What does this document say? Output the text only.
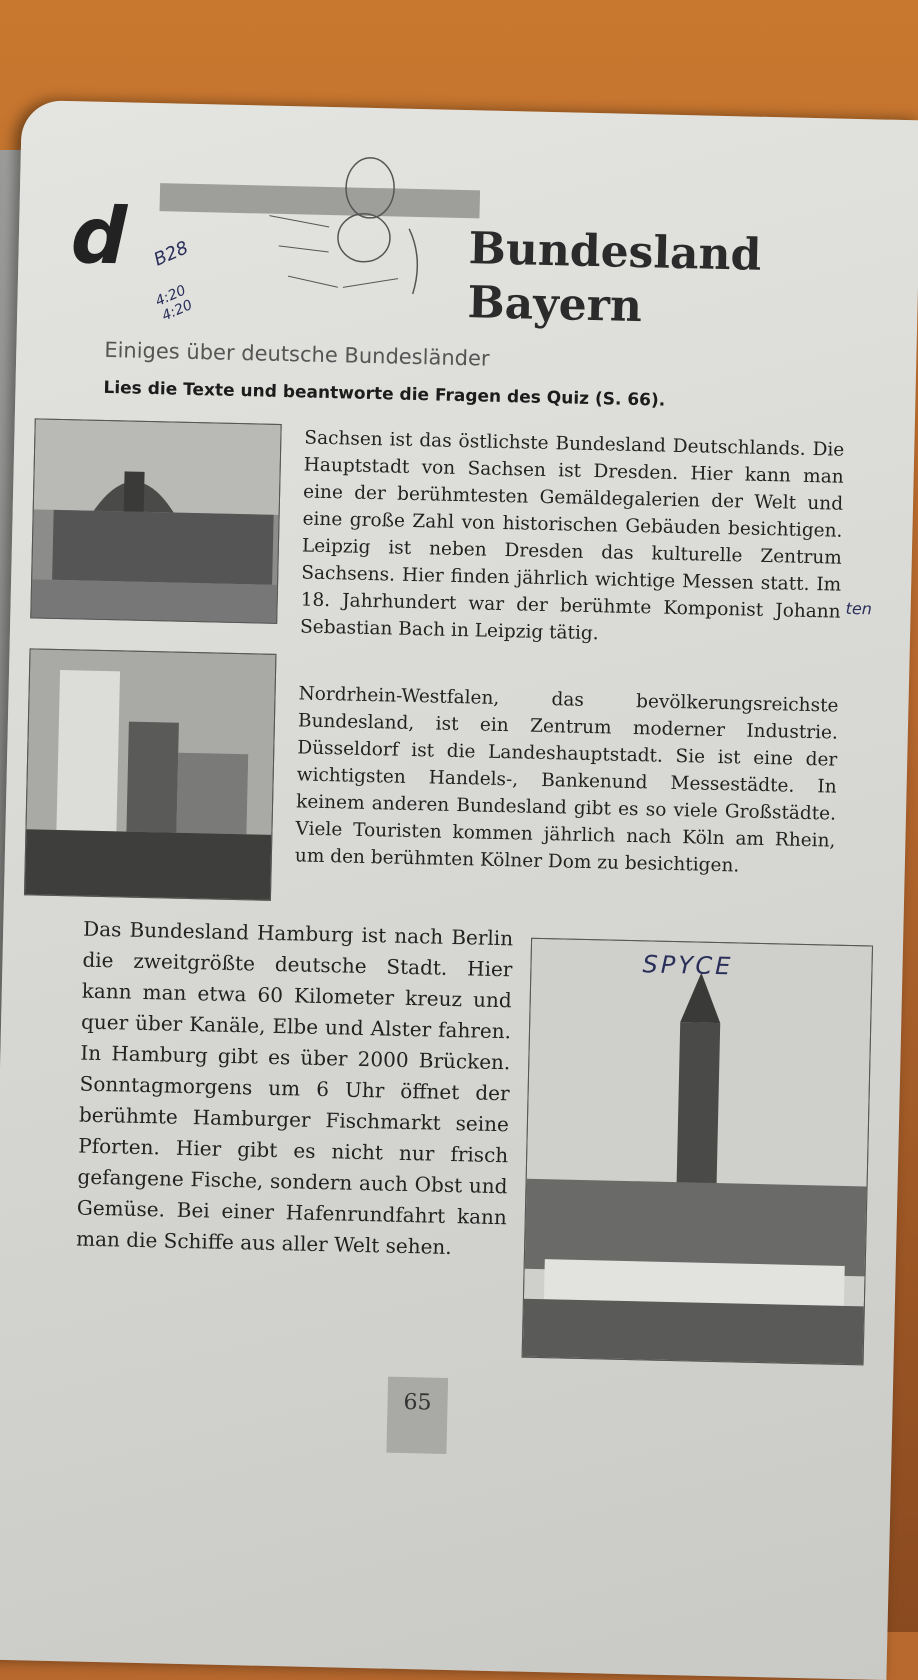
d	B28
4:20 4:20
Bundesland
Bayern
Einiges über deutsche Bundesländer
Lies die Texte und beantworte die Fragen des Quiz (S. 66).

Sachsen ist das östlichste Bundesland Deutschlands. Die Hauptstadt von Sachsen ist Dresden. Hier kann man eine der berühmtesten Gemäldegalerien der Welt und eine große Zahl von historischen Gebäuden besichtigen. Leipzig ist neben Dresden das kulturelle Zentrum Sachsens. Hier finden jährlich wichtige Messen statt. Im 18. Jahrhundert war der berühmte Komponist Johann Sebastian Bach in Leipzig tätig.

ten

Nordrhein-Westfalen, das bevölkerungsreichste Bundesland, ist ein Zentrum moderner Industrie. Düsseldorf ist die Landeshauptstadt. Sie ist eine der wichtigsten Handels-, Bankenund Messestädte. In keinem anderen Bundesland gibt es so viele Großstädte. Viele Touristen kommen jährlich nach Köln am Rhein, um den berühmten Kölner Dom zu besichtigen.

Das Bundesland Hamburg ist nach Berlin die zweitgrößte deutsche Stadt. Hier kann man etwa 60 Kilometer kreuz und quer über Kanäle, Elbe und Alster fahren. In Hamburg gibt es über 2000 Brücken. Sonntagmorgens um 6 Uhr öffnet der berühmte Hamburger Fischmarkt seine Pforten. Hier gibt es nicht nur frisch gefangene Fische, sondern auch Obst und Gemüse. Bei einer Hafenrundfahrt kann man die Schiffe aus aller Welt sehen.

SPYCE
65
